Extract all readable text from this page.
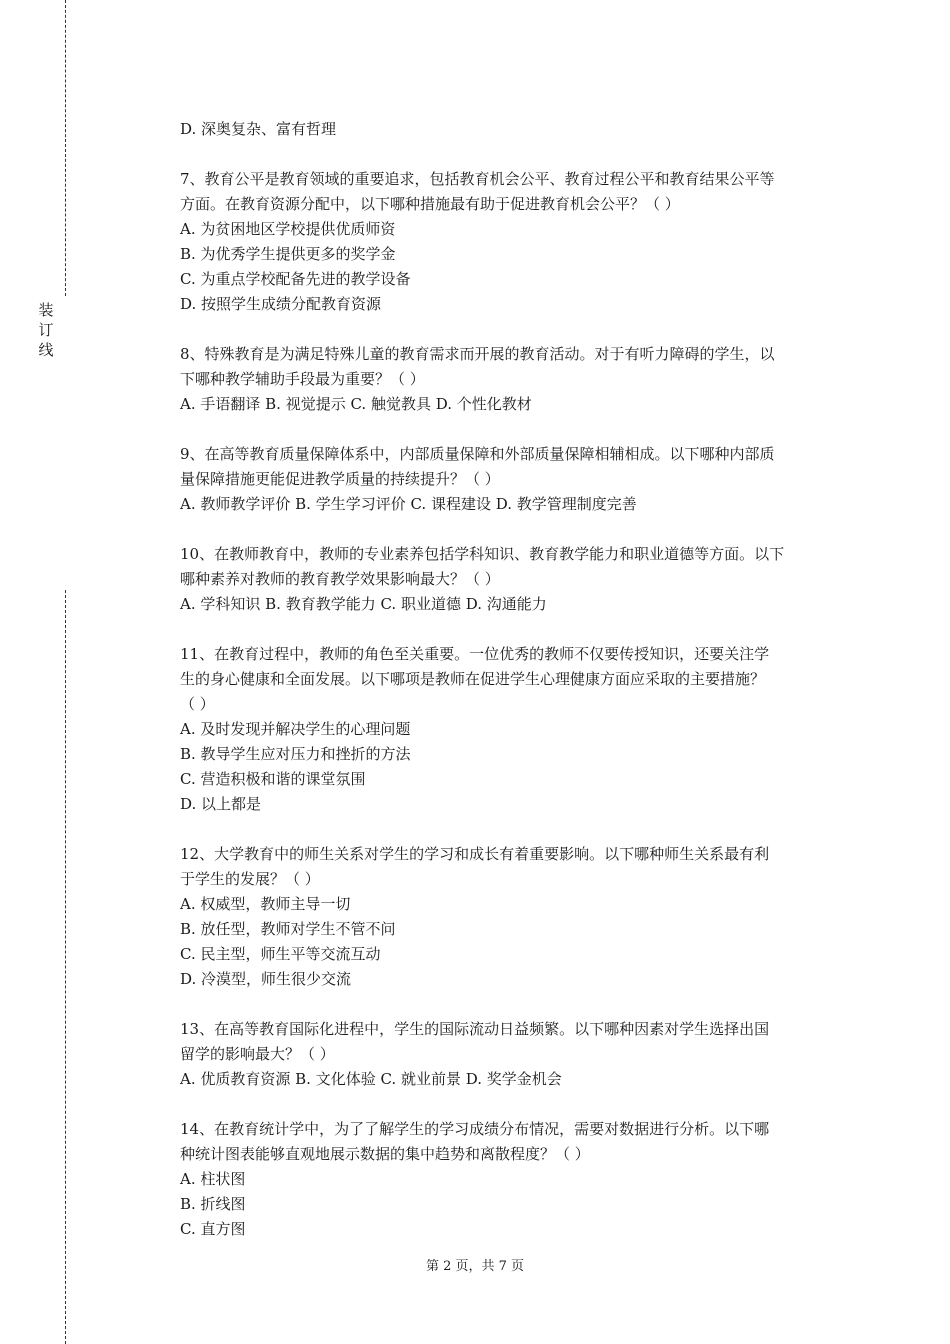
装
订
线
D. 深奥复杂、富有哲理
7、教育公平是教育领域的重要追求，包括教育机会公平、教育过程公平和教育结果公平等
方面。在教育资源分配中，以下哪种措施最有助于促进教育机会公平？（ ）
A. 为贫困地区学校提供优质师资
B. 为优秀学生提供更多的奖学金
C. 为重点学校配备先进的教学设备
D. 按照学生成绩分配教育资源
8、特殊教育是为满足特殊儿童的教育需求而开展的教育活动。对于有听力障碍的学生，以
下哪种教学辅助手段最为重要？（ ）
A. 手语翻译 B. 视觉提示 C. 触觉教具 D. 个性化教材
9、在高等教育质量保障体系中，内部质量保障和外部质量保障相辅相成。以下哪种内部质
量保障措施更能促进教学质量的持续提升？（ ）
A. 教师教学评价 B. 学生学习评价 C. 课程建设 D. 教学管理制度完善
10、在教师教育中，教师的专业素养包括学科知识、教育教学能力和职业道德等方面。以下
哪种素养对教师的教育教学效果影响最大？（ ）
A. 学科知识 B. 教育教学能力 C. 职业道德 D. 沟通能力
11、在教育过程中，教师的角色至关重要。一位优秀的教师不仅要传授知识，还要关注学
生的身心健康和全面发展。以下哪项是教师在促进学生心理健康方面应采取的主要措施？
（ ）
A. 及时发现并解决学生的心理问题
B. 教导学生应对压力和挫折的方法
C. 营造积极和谐的课堂氛围
D. 以上都是
12、大学教育中的师生关系对学生的学习和成长有着重要影响。以下哪种师生关系最有利
于学生的发展？（ ）
A. 权威型，教师主导一切
B. 放任型，教师对学生不管不问
C. 民主型，师生平等交流互动
D. 冷漠型，师生很少交流
13、在高等教育国际化进程中，学生的国际流动日益频繁。以下哪种因素对学生选择出国
留学的影响最大？（ ）
A. 优质教育资源 B. 文化体验 C. 就业前景 D. 奖学金机会
14、在教育统计学中，为了了解学生的学习成绩分布情况，需要对数据进行分析。以下哪
种统计图表能够直观地展示数据的集中趋势和离散程度？（ ）
A. 柱状图
B. 折线图
C. 直方图
第 2 页，共 7 页
